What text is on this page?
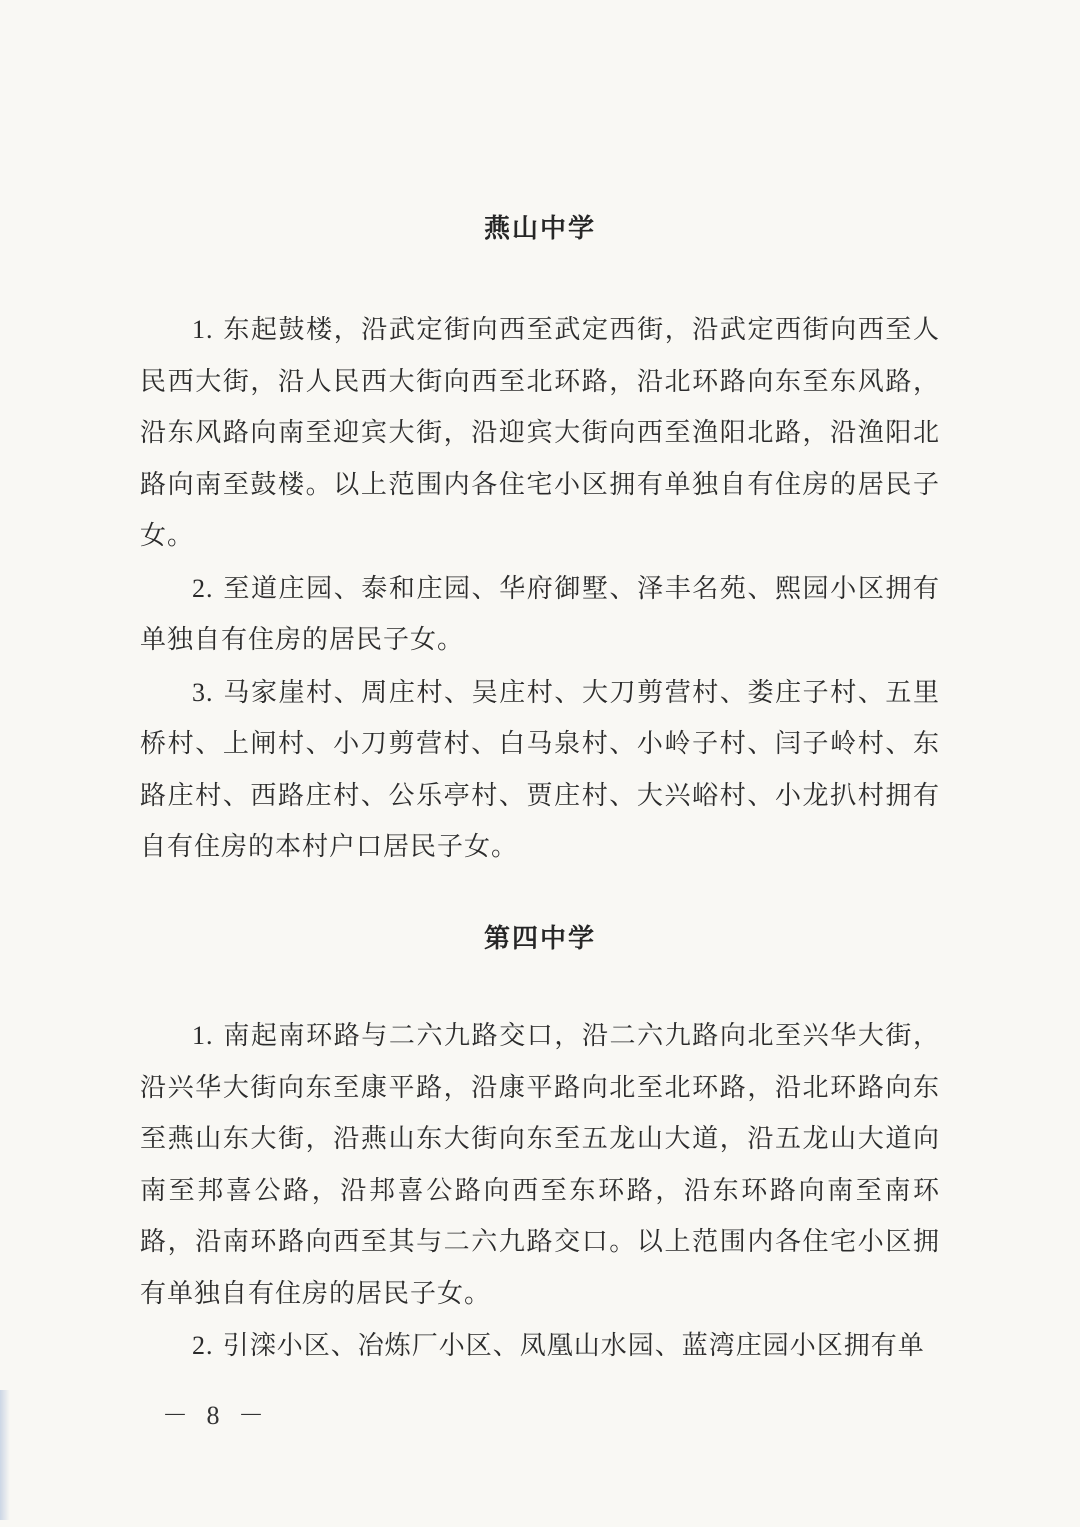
燕山中学

1. 东起鼓楼，沿武定街向西至武定西街，沿武定西街向西至人民西大街，沿人民西大街向西至北环路，沿北环路向东至东风路，沿东风路向南至迎宾大街，沿迎宾大街向西至渔阳北路，沿渔阳北路向南至鼓楼。以上范围内各住宅小区拥有单独自有住房的居民子女。

2. 至道庄园、泰和庄园、华府御墅、泽丰名苑、熙园小区拥有单独自有住房的居民子女。

3. 马家崖村、周庄村、吴庄村、大刀剪营村、娄庄子村、五里桥村、上闸村、小刀剪营村、白马泉村、小岭子村、闫子岭村、东路庄村、西路庄村、公乐亭村、贾庄村、大兴峪村、小龙扒村拥有自有住房的本村户口居民子女。

第四中学

1. 南起南环路与二六九路交口，沿二六九路向北至兴华大街，沿兴华大街向东至康平路，沿康平路向北至北环路，沿北环路向东至燕山东大街，沿燕山东大街向东至五龙山大道，沿五龙山大道向南至邦喜公路，沿邦喜公路向西至东环路，沿东环路向南至南环路，沿南环路向西至其与二六九路交口。以上范围内各住宅小区拥有单独自有住房的居民子女。

2. 引滦小区、冶炼厂小区、凤凰山水园、蓝湾庄园小区拥有单

－ 8 －
